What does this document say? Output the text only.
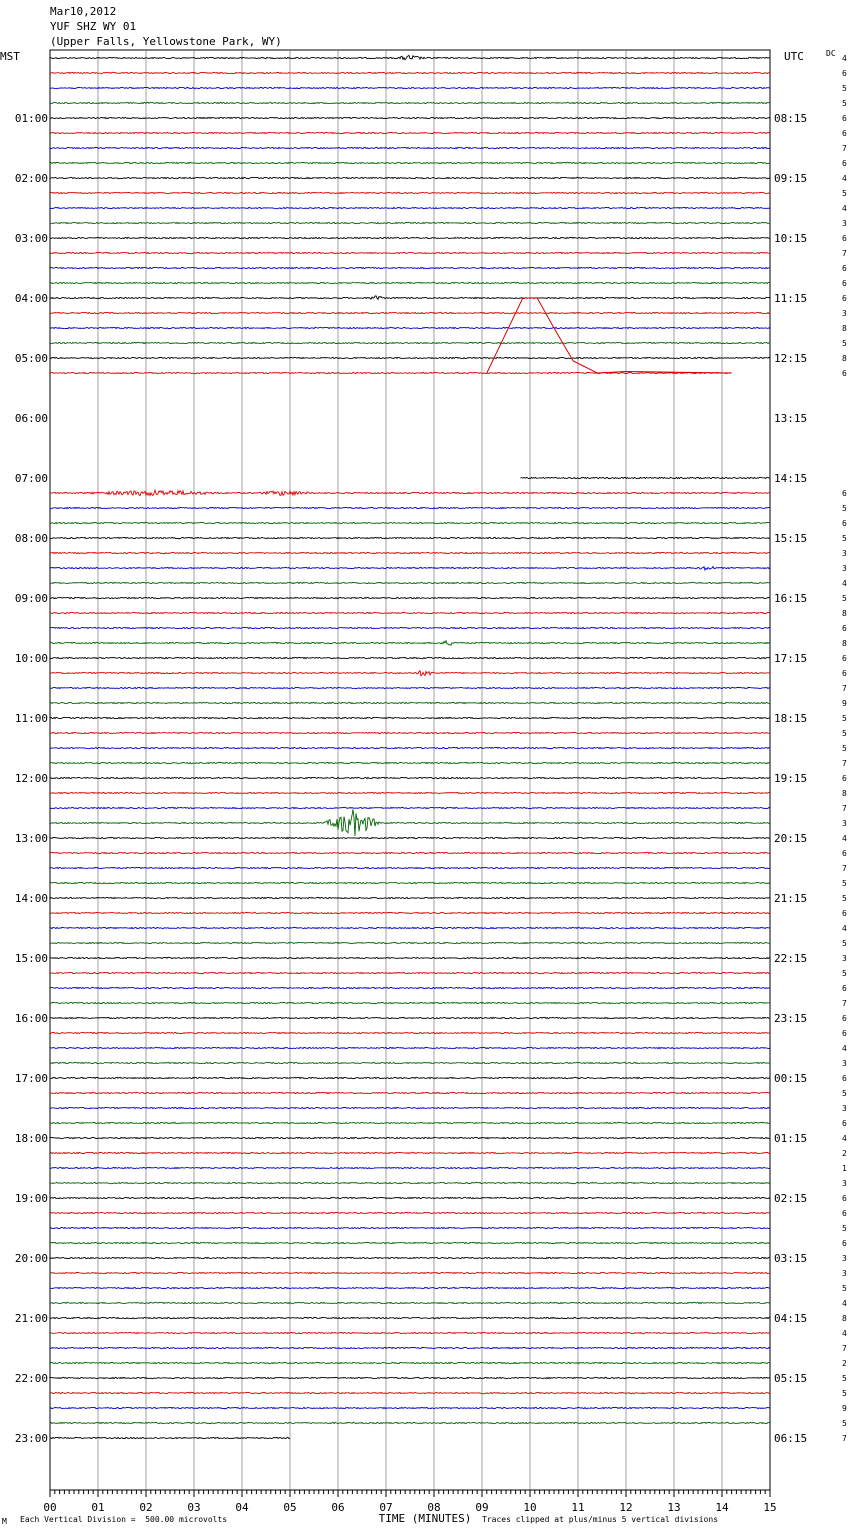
Mar10,2012
YUF SHZ WY 01
(Upper Falls, Yellowstone Park, WY)
MST
01:00
02:00
03:00
04:00
05:00
06:00
07:00
08:00
09:00
10:00
11:00
12:00
13:00
14:00
15:00
16:00
17:00
18:00
19:00
20:00
21:00
22:00
23:00
UTC
08:15
09:15
10:15
11:15
12:15
13:15
14:15
15:15
16:15
17:15
18:15
19:15
20:15
21:15
22:15
23:15
00:15
01:15
02:15
03:15
04:15
05:15
06:15
4
6
5
5
6
6
7
6
4
5
4
3
6
7
6
6
6
3
8
5
8
6
6
5
6
5
3
3
4
5
8
6
8
6
6
7
9
5
5
5
7
6
8
7
3
4
6
7
5
5
6
4
5
3
5
6
7
6
6
4
3
6
5
3
6
4
2
1
3
6
6
5
6
3
3
5
4
8
4
7
2
5
5
9
5
7
00	01	02	03	04	05	06	07	08	09	10	11	12	13	14	15
DC
TIME (MINUTES)
M Each Vertical Division =  500.00 microvolts	Traces clipped at plus/minus 5 vertical divisions
